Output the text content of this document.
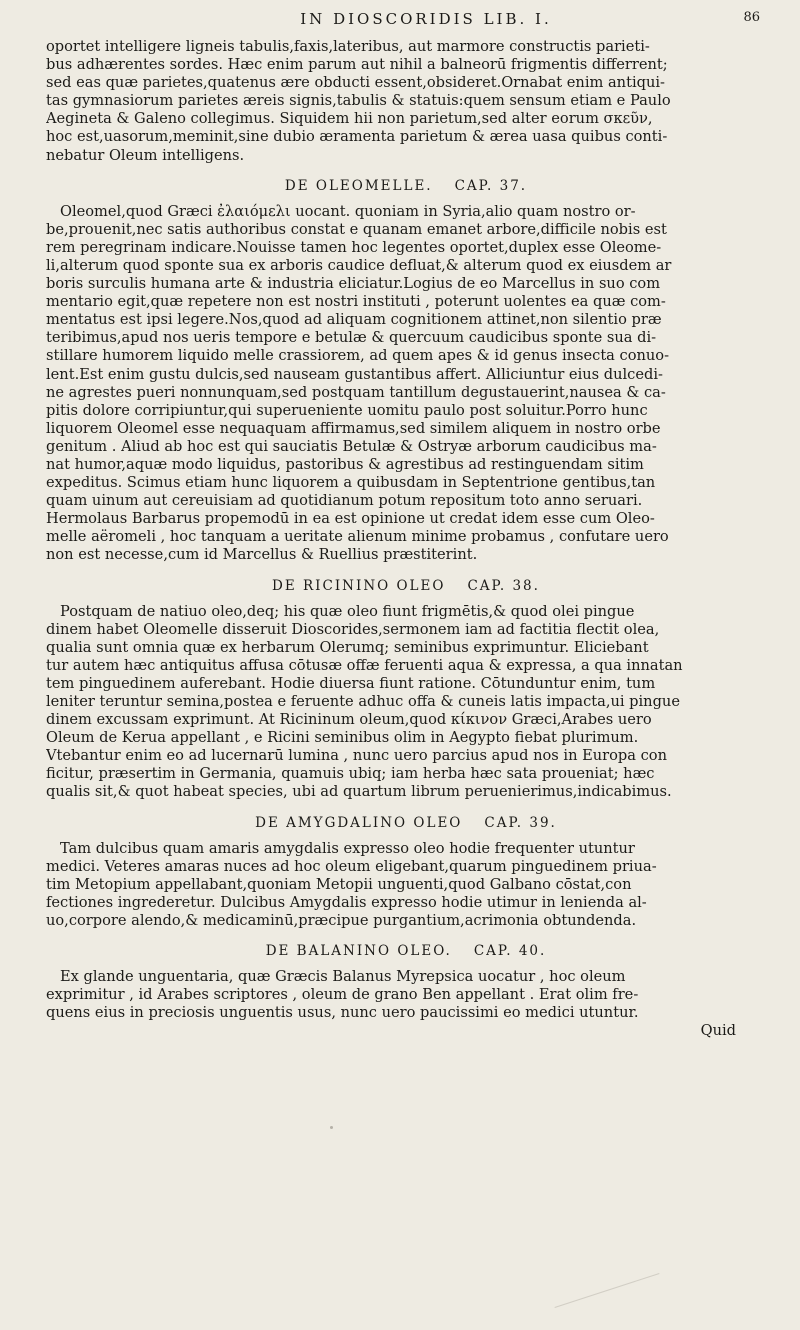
IN DIOSCORIDIS LIB. I.	86
oportet intelligere ligneis tabulis,faxis,lateribus, aut marmore constructis parieti-
bus adhærentes sordes. Hæc enim parum aut nihil a balneorū frigmentis differrent;
sed eas quæ parietes,quatenus ære obducti essent,obsideret.Ornabat enim antiqui-
tas gymnasiorum parietes æreis signis,tabulis & statuis:quem sensum etiam e Paulo
Aegineta & Galeno collegimus. Siquidem hii non parietum,sed alter eorum σκεῦν,
hoc est,uasorum,meminit,sine dubio æramenta parietum & ærea uasa quibus conti-
nebatur Oleum intelligens.
DE OLEOMELLE. CAP. 37.
Oleomel,quod Græci ἐλαιόμελι uocant. quoniam in Syria,alio quam nostro or-
be,prouenit,nec satis authoribus constat e quanam emanet arbore,difficile nobis est
rem peregrinam indicare.Nouisse tamen hoc legentes oportet,duplex esse Oleome-
li,alterum quod sponte sua ex arboris caudice defluat,& alterum quod ex eiusdem ar
boris surculis humana arte & industria eliciatur.Logius de eo Marcellus in suo com
mentario egit,quæ repetere non est nostri instituti , poterunt uolentes ea quæ com-
mentatus est ipsi legere.Nos,quod ad aliquam cognitionem attinet,non silentio præ
teribimus,apud nos ueris tempore e betulæ & quercuum caudicibus sponte sua di-
stillare humorem liquido melle crassiorem, ad quem apes & id genus insecta conuo-
lent.Est enim gustu dulcis,sed nauseam gustantibus affert. Alliciuntur eius dulcedi-
ne agrestes pueri nonnunquam,sed postquam tantillum degustauerint,nausea & ca-
pitis dolore corripiuntur,qui superueniente uomitu paulo post soluitur.Porro hunc
liquorem Oleomel esse nequaquam affirmamus,sed similem aliquem in nostro orbe
genitum . Aliud ab hoc est qui sauciatis Betulæ & Ostryæ arborum caudicibus ma-
nat humor,aquæ modo liquidus, pastoribus & agrestibus ad restinguendam sitim
expeditus. Scimus etiam hunc liquorem a quibusdam in Septentrione gentibus,tan
quam uinum aut cereuisiam ad quotidianum potum repositum toto anno seruari.
Hermolaus Barbarus propemodū in ea est opinione ut credat idem esse cum Oleo-
melle aëromeli , hoc tanquam a ueritate alienum minime probamus , confutare uero
non est necesse,cum id Marcellus & Ruellius præstiterint.
DE RICININO OLEO CAP. 38.
Postquam de natiuo oleo,deq; his quæ oleo fiunt frigmētis,& quod olei pingue
dinem habet Oleomelle disseruit Dioscorides,sermonem iam ad factitia flectit olea,
qualia sunt omnia quæ ex herbarum Olerumq; seminibus exprimuntur. Eliciebant
tur autem hæc antiquitus affusa cōtusæ offæ feruenti aqua & expressa, a qua innatan
tem pinguedinem auferebant. Hodie diuersa fiunt ratione. Cōtunduntur enim, tum
leniter teruntur semina,postea e feruente adhuc offa & cuneis latis impacta,ui pingue
dinem excussam exprimunt. At Ricininum oleum,quod κίκινον Græci,Arabes uero
Oleum de Kerua appellant , e Ricini seminibus olim in Aegypto fiebat plurimum.
Vtebantur enim eo ad lucernarū lumina , nunc uero parcius apud nos in Europa con
ficitur, præsertim in Germania, quamuis ubiq; iam herba hæc sata proueniat; hæc
qualis sit,& quot habeat species, ubi ad quartum librum peruenierimus,indicabimus.
DE AMYGDALINO OLEO CAP. 39.
Tam dulcibus quam amaris amygdalis expresso oleo hodie frequenter utuntur
medici. Veteres amaras nuces ad hoc oleum eligebant,quarum pinguedinem priua-
tim Metopium appellabant,quoniam Metopii unguenti,quod Galbano cōstat,con
fectiones ingrederetur. Dulcibus Amygdalis expresso hodie utimur in lenienda al-
uo,corpore alendo,& medicaminū,præcipue purgantium,acrimonia obtundenda.
DE BALANINO OLEO. CAP. 40.
Ex glande unguentaria, quæ Græcis Balanus Myrepsica uocatur , hoc oleum
exprimitur , id Arabes scriptores , oleum de grano Ben appellant . Erat olim fre-
quens eius in preciosis unguentis usus, nunc uero paucissimi eo medici utuntur.
Quid
